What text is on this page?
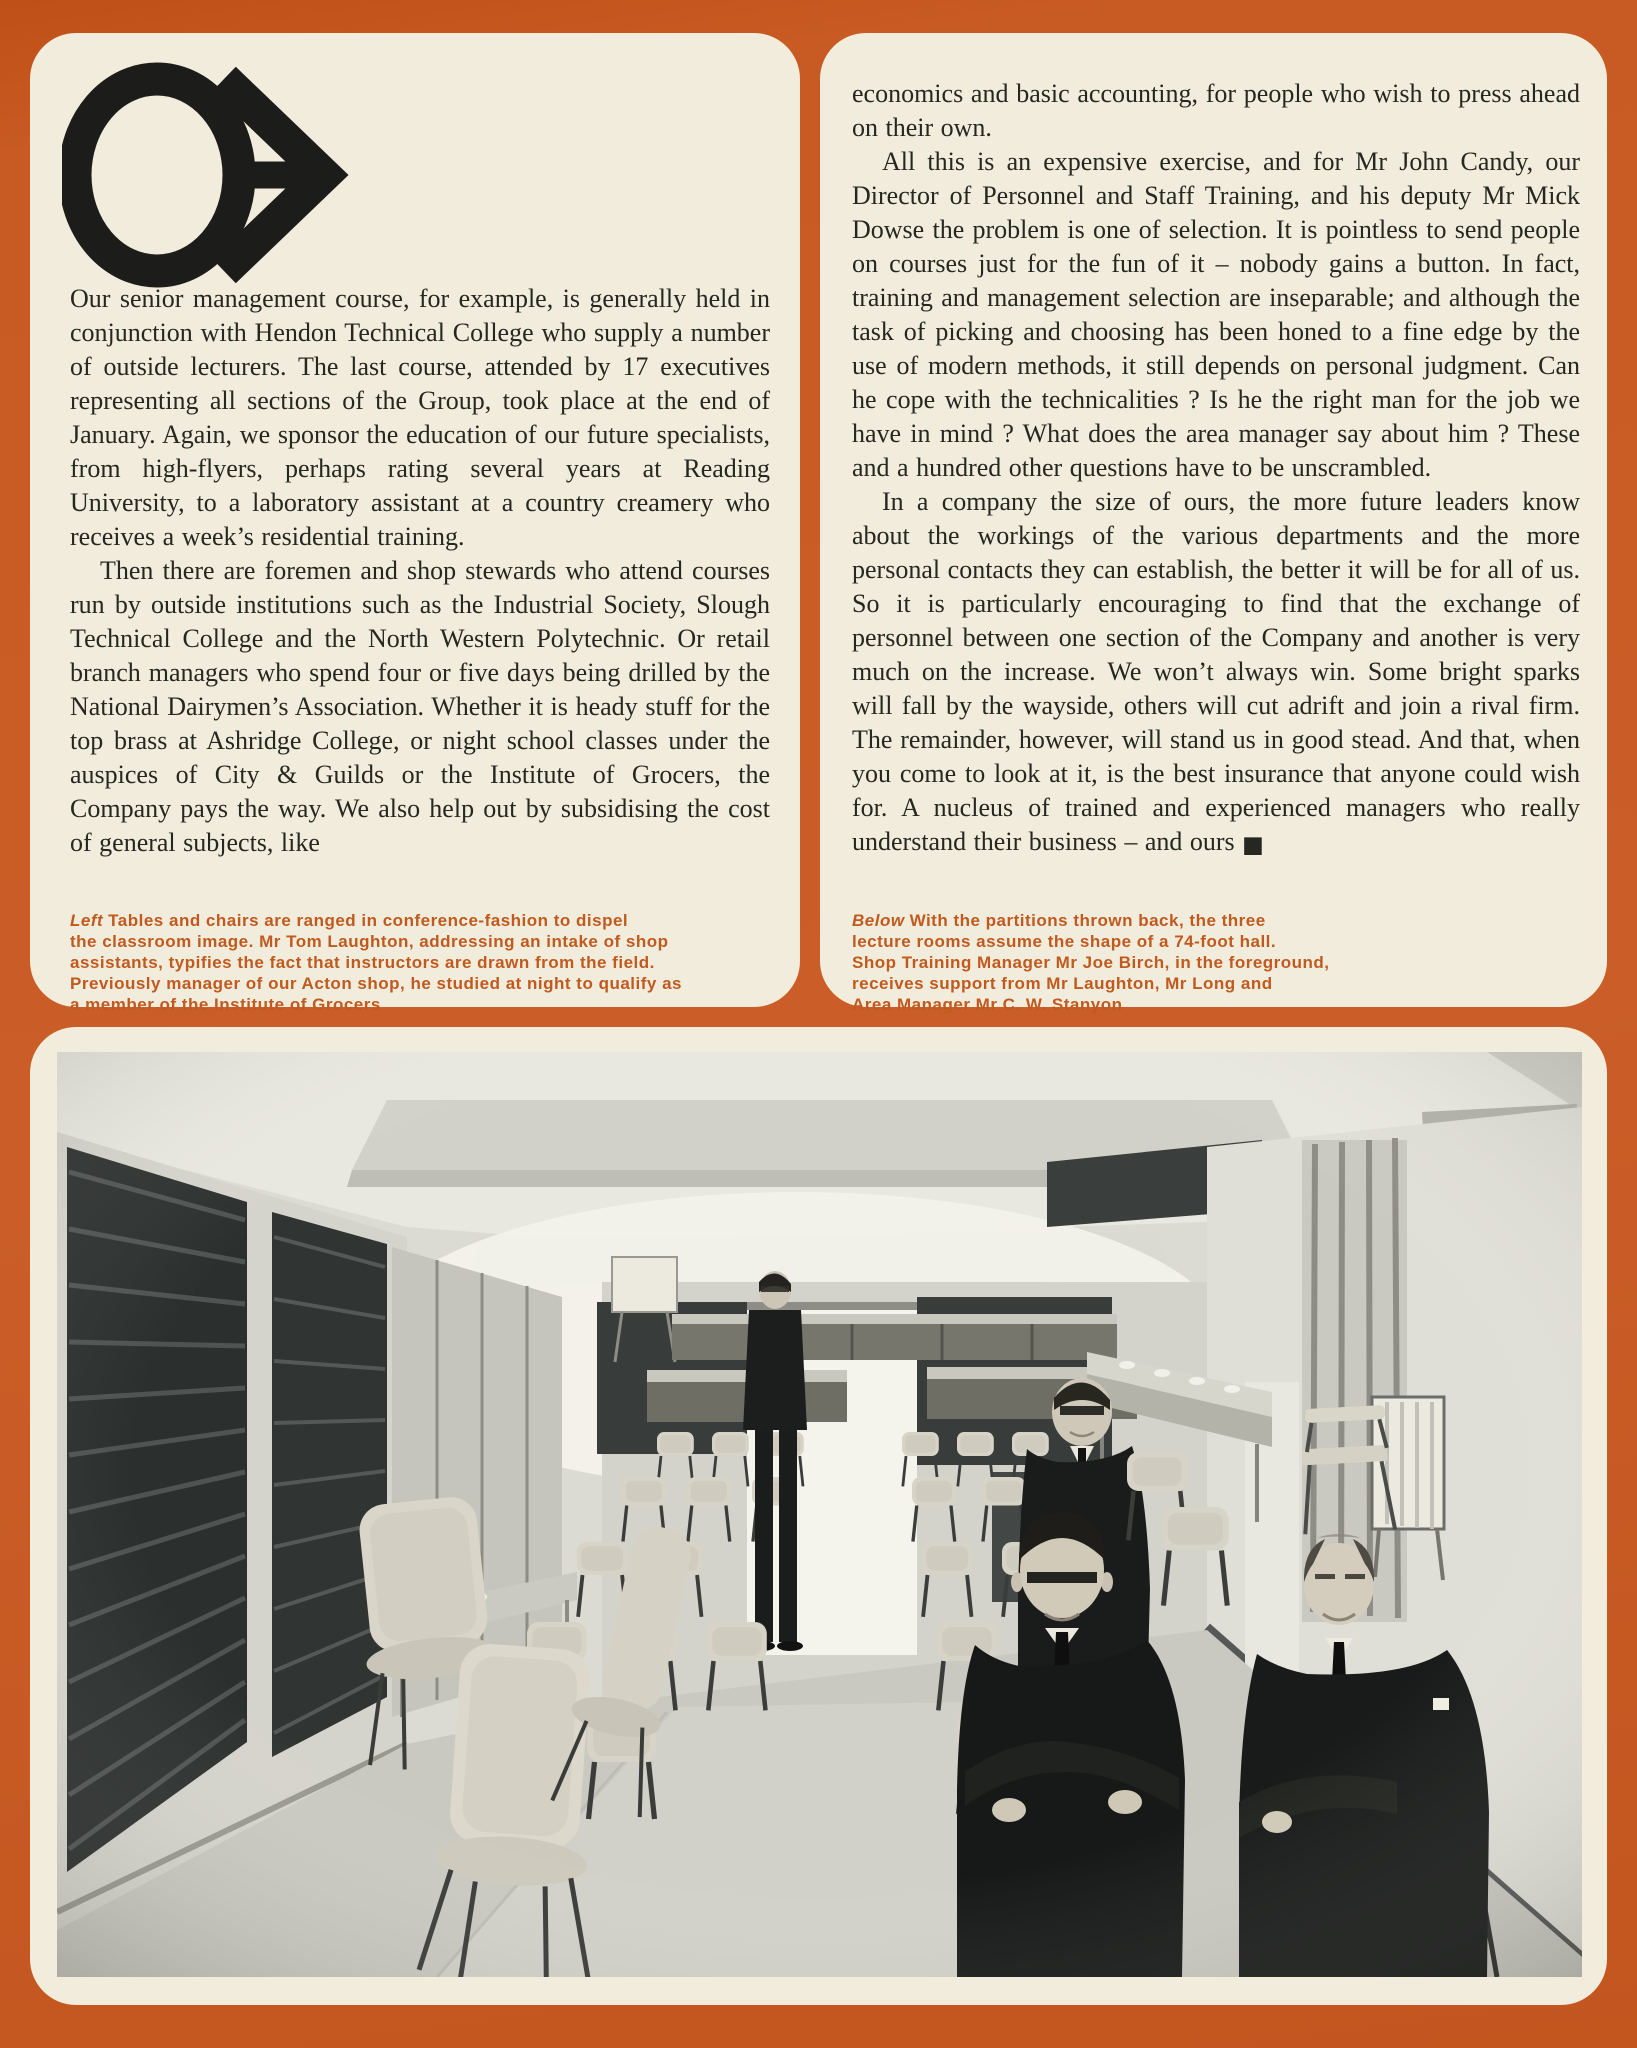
Our senior management course, for example, is generally held in conjunction with Hendon Technical College who supply a number of outside lecturers. The last course, attended by 17 executives representing all sections of the Group, took place at the end of January. Again, we sponsor the education of our future specialists, from high-flyers, perhaps rating several years at Reading University, to a laboratory assistant at a country creamery who receives a week’s residential training.

Then there are foremen and shop stewards who attend courses run by outside institutions such as the Industrial Society, Slough Technical College and the North Western Polytechnic. Or retail branch managers who spend four or five days being drilled by the National Dairymen’s Association. Whether it is heady stuff for the top brass at Ashridge College, or night school classes under the auspices of City & Guilds or the Institute of Grocers, the Company pays the way. We also help out by subsidising the cost of general subjects, like

Left Tables and chairs are ranged in conference-fashion to dispel
the classroom image. Mr Tom Laughton, addressing an intake of shop
assistants, typifies the fact that instructors are drawn from the field.
Previously manager of our Acton shop, he studied at night to qualify as
a member of the Institute of Grocers

economics and basic accounting, for people who wish to press ahead on their own.

All this is an expensive exercise, and for Mr John Candy, our Director of Personnel and Staff Training, and his deputy Mr Mick Dowse the problem is one of selection. It is pointless to send people on courses just for the fun of it – nobody gains a button. In fact, training and management selection are inseparable; and although the task of picking and choosing has been honed to a fine edge by the use of modern methods, it still depends on personal judgment. Can he cope with the technicalities ? Is he the right man for the job we have in mind ? What does the area manager say about him ? These and a hundred other questions have to be unscrambled.

In a company the size of ours, the more future leaders know about the workings of the various departments and the more personal contacts they can establish, the better it will be for all of us. So it is particularly encouraging to find that the exchange of personnel between one section of the Company and another is very much on the increase. We won’t always win. Some bright sparks will fall by the wayside, others will cut adrift and join a rival firm. The remainder, however, will stand us in good stead. And that, when you come to look at it, is the best insurance that anyone could wish for. A nucleus of trained and experienced managers who really understand their business – and ours ■

Below With the partitions thrown back, the three
lecture rooms assume the shape of a 74-foot hall.
Shop Training Manager Mr Joe Birch, in the foreground,
receives support from Mr Laughton, Mr Long and
Area Manager Mr C. W. Stanyon
